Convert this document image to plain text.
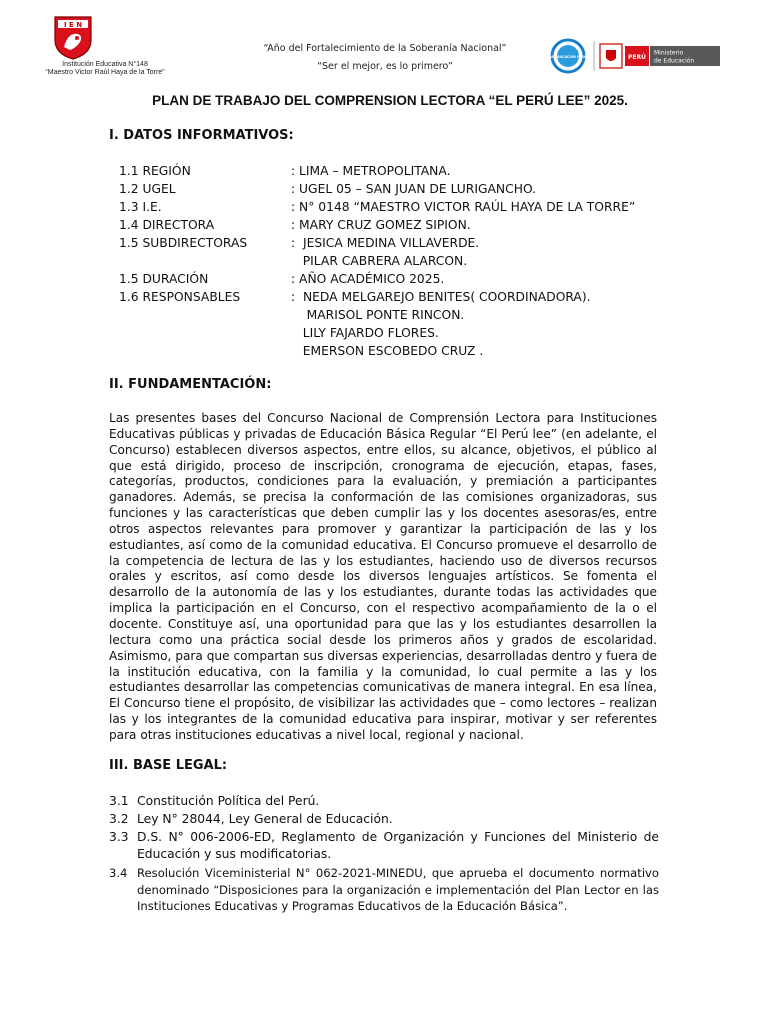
I E N
Institución Educativa N°148
“Maestro Victor Raúl Haya de la Torre”
“Año del Fortalecimiento de la Soberanía Nacional”
“Ser el mejor, es lo primero”
CAMPAÑA EDUCACIÓN PARA TODOS	PERÚ
Ministerio
de Educación
PLAN DE TRABAJO DEL COMPRENSION LECTORA “EL PERÚ LEE” 2025.
I. DATOS INFORMATIVOS:
1.1 REGIÓN	: LIMA – METROPOLITANA.
1.2 UGEL	: UGEL 05 – SAN JUAN DE LURIGANCHO.
1.3 I.E.	: N° 0148 “MAESTRO VICTOR RAÚL HAYA DE LA TORRE”
1.4 DIRECTORA	: MARY CRUZ GOMEZ SIPION.
1.5 SUBDIRECTORAS	:  JESICA MEDINA VILLAVERDE.
PILAR CABRERA ALARCON.
1.5 DURACIÓN	: AÑO ACADÉMICO 2025.
1.6 RESPONSABLES	:  NEDA MELGAREJO BENITES( COORDINADORA).
MARISOL PONTE RINCON.
LILY FAJARDO FLORES.
EMERSON ESCOBEDO CRUZ .
II. FUNDAMENTACIÓN:
Las presentes bases del Concurso Nacional de Comprensión Lectora para Instituciones Educativas públicas y privadas de Educación Básica Regular “El Perú lee” (en adelante, el Concurso) establecen diversos aspectos, entre ellos, su alcance, objetivos, el público al que está dirigido, proceso de inscripción, cronograma de ejecución, etapas, fases, categorías, productos, condiciones para la evaluación, y premiación a participantes ganadores. Además, se precisa la conformación de las comisiones organizadoras, sus funciones y las características que deben cumplir las y los docentes asesoras/es, entre otros aspectos relevantes para promover y garantizar la participación de las y los estudiantes, así como de la comunidad educativa. El Concurso promueve el desarrollo de la competencia de lectura de las y los estudiantes, haciendo uso de diversos recursos orales y escritos, así como desde los diversos lenguajes artísticos. Se fomenta el desarrollo de la autonomía de las y los estudiantes, durante todas las actividades que implica la participación en el Concurso, con el respectivo acompañamiento de la o el docente. Constituye así, una oportunidad para que las y los estudiantes desarrollen la lectura como una práctica social desde los primeros años y grados de escolaridad. Asimismo, para que compartan sus diversas experiencias, desarrolladas dentro y fuera de la institución educativa, con la familia y la comunidad, lo cual permite a las y los estudiantes desarrollar las competencias comunicativas de manera integral. En esa línea, El Concurso tiene el propósito, de visibilizar las actividades que – como lectores – realizan las y los integrantes de la comunidad educativa para inspirar, motivar y ser referentes para otras instituciones educativas a nivel local, regional y nacional.
III. BASE LEGAL:
3.1 Constitución Política del Perú.
3.2 Ley N° 28044, Ley General de Educación.
3.3 D.S. N° 006-2006-ED, Reglamento de Organización y Funciones del Ministerio de Educación y sus modificatorias.
3.4 Resolución Viceministerial N° 062-2021-MINEDU, que aprueba el documento normativo denominado “Disposiciones para la organización e implementación del Plan Lector en las Instituciones Educativas y Programas Educativos de la Educación Básica”.
